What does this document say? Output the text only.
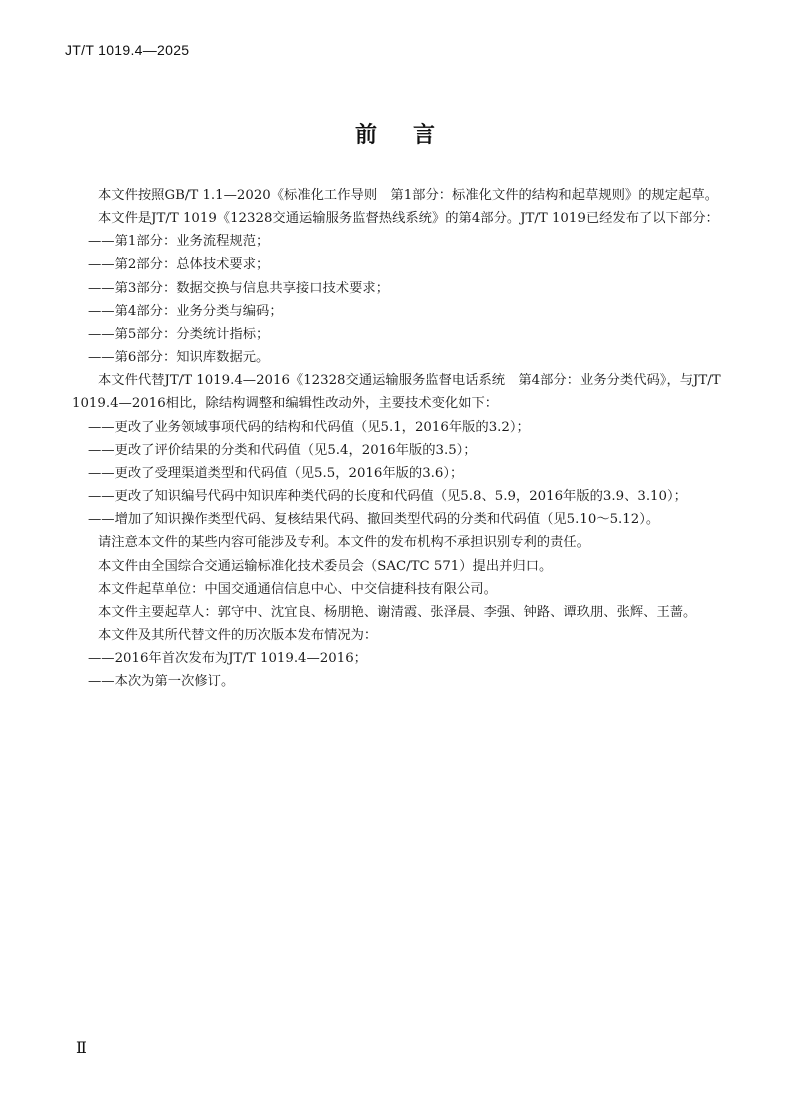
JT/T 1019.4—2025
前言

本文件按照GB/T 1.1—2020《标准化工作导则　第1部分：标准化文件的结构和起草规则》的规定起草。

本文件是JT/T 1019《12328交通运输服务监督热线系统》的第4部分。JT/T 1019已经发布了以下部分：

——第1部分：业务流程规范；

——第2部分：总体技术要求；

——第3部分：数据交换与信息共享接口技术要求；

——第4部分：业务分类与编码；

——第5部分：分类统计指标；

——第6部分：知识库数据元。

本文件代替JT/T 1019.4—2016《12328交通运输服务监督电话系统　第4部分：业务分类代码》，与JT/T 1019.4—2016相比，除结构调整和编辑性改动外，主要技术变化如下：

——更改了业务领域事项代码的结构和代码值（见5.1，2016年版的3.2）；

——更改了评价结果的分类和代码值（见5.4，2016年版的3.5）；

——更改了受理渠道类型和代码值（见5.5，2016年版的3.6）；

——更改了知识编号代码中知识库种类代码的长度和代码值（见5.8、5.9，2016年版的3.9、3.10）；

——增加了知识操作类型代码、复核结果代码、撤回类型代码的分类和代码值（见5.10～5.12）。

请注意本文件的某些内容可能涉及专利。本文件的发布机构不承担识别专利的责任。

本文件由全国综合交通运输标准化技术委员会（SAC/TC 571）提出并归口。

本文件起草单位：中国交通通信信息中心、中交信捷科技有限公司。

本文件主要起草人：郭守中、沈宜良、杨朋艳、谢清霞、张泽晨、李强、钟路、谭玖朋、张辉、王蔷。

本文件及其所代替文件的历次版本发布情况为：

——2016年首次发布为JT/T 1019.4—2016；

——本次为第一次修订。

Ⅱ
